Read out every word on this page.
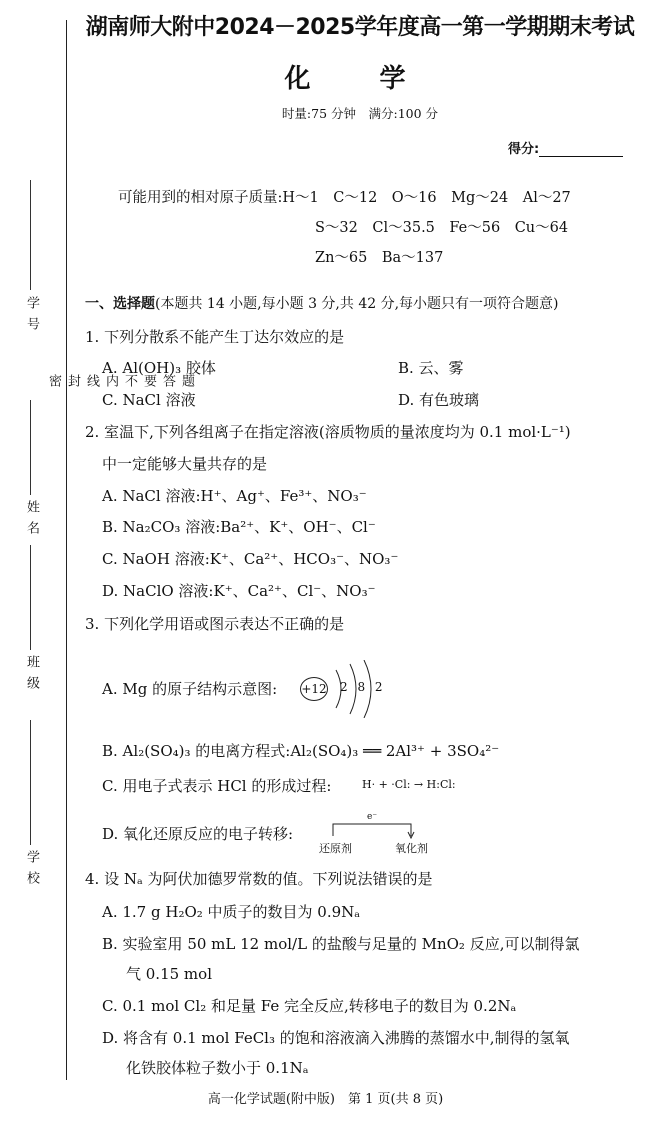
学 号
姓 名
班 级
学 校
题
答
要
不
内
线
封
密
湖南师大附中2024－2025学年度高一第一学期期末考试
化 学
时量:75 分钟　满分:100 分
得分:
可能用到的相对原子质量:H～1　C～12　O～16　Mg～24　Al～27
S～32　Cl～35.5　Fe～56　Cu～64
Zn～65　Ba～137
一、选择题(本题共 14 小题,每小题 3 分,共 42 分,每小题只有一项符合题意)
1. 下列分散系不能产生丁达尔效应的是
A. Al(OH)₃ 胶体	B. 云、雾
C. NaCl 溶液	D. 有色玻璃
2. 室温下,下列各组离子在指定溶液(溶质物质的量浓度均为 0.1 mol·L⁻¹)
中一定能够大量共存的是
A. NaCl 溶液:H⁺、Ag⁺、Fe³⁺、NO₃⁻
B. Na₂CO₃ 溶液:Ba²⁺、K⁺、OH⁻、Cl⁻
C. NaOH 溶液:K⁺、Ca²⁺、HCO₃⁻、NO₃⁻
D. NaClO 溶液:K⁺、Ca²⁺、Cl⁻、NO₃⁻
3. 下列化学用语或图示表达不正确的是
A. Mg 的原子结构示意图: +12 2 8 2
B. Al₂(SO₄)₃ 的电离方程式:Al₂(SO₄)₃ ══ 2Al³⁺ + 3SO₄²⁻
C. 用电子式表示 HCl 的形成过程:	H· + ·Cl: → H:Cl:
D. 氧化还原反应的电子转移:
e⁻
还原剂	氧化剂
4. 设 Nₐ 为阿伏加德罗常数的值。下列说法错误的是
A. 1.7 g H₂O₂ 中质子的数目为 0.9Nₐ
B. 实验室用 50 mL 12 mol/L 的盐酸与足量的 MnO₂ 反应,可以制得氯
气 0.15 mol
C. 0.1 mol Cl₂ 和足量 Fe 完全反应,转移电子的数目为 0.2Nₐ
D. 将含有 0.1 mol FeCl₃ 的饱和溶液滴入沸腾的蒸馏水中,制得的氢氧
化铁胶体粒子数小于 0.1Nₐ
高一化学试题(附中版)　第 1 页(共 8 页)
